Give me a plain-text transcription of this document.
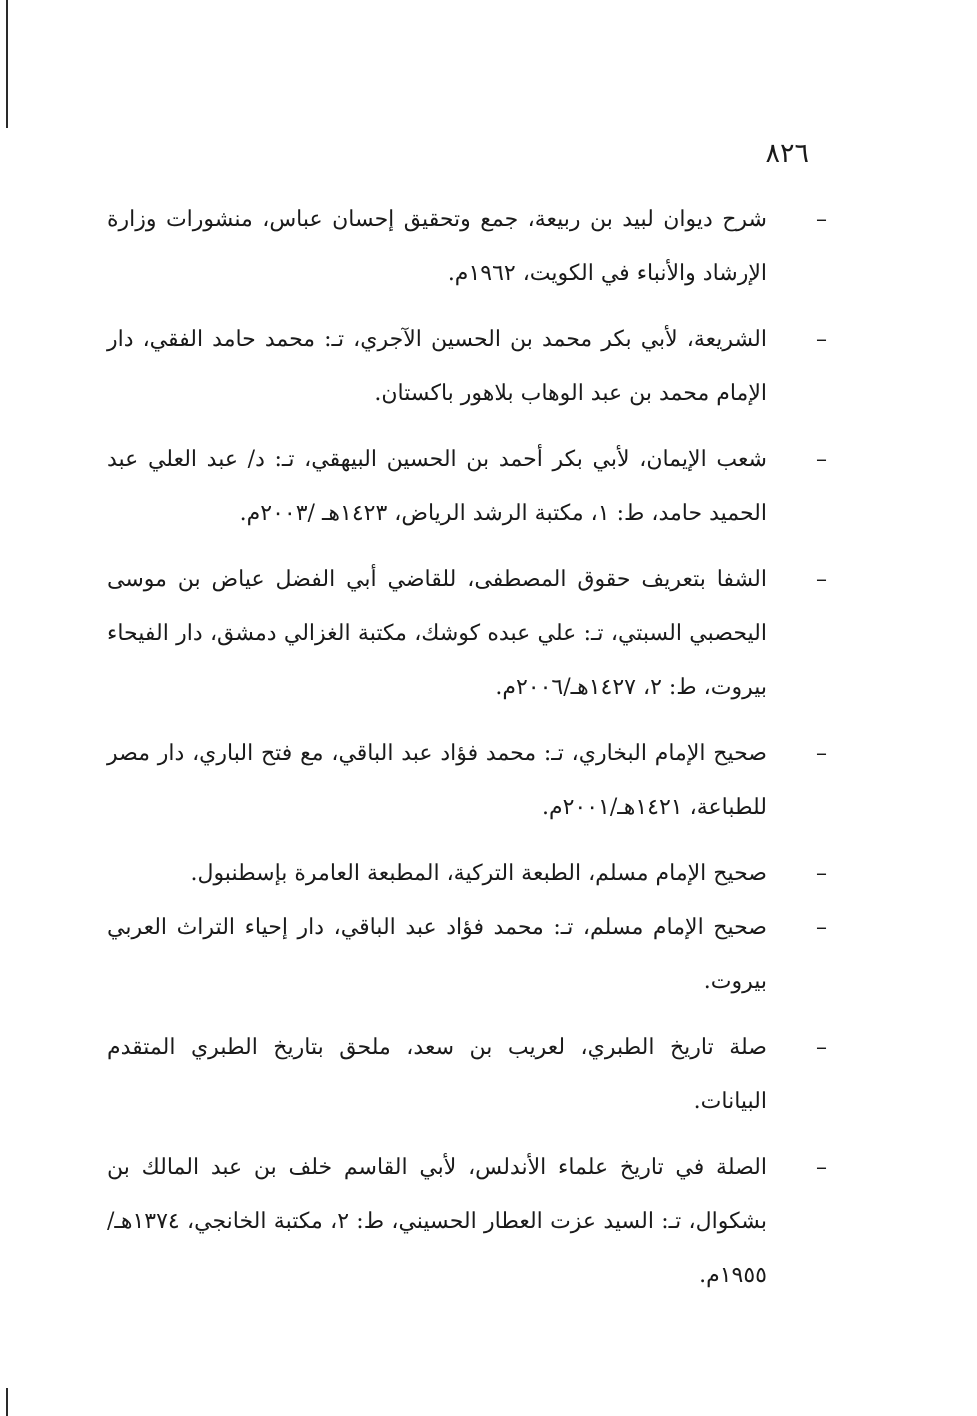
٨٢٦
–
شرح ديوان لبيد بن ربيعة، جمع وتحقيق إحسان عباس، منشورات وزارة الإرشاد والأنباء في الكويت، ١٩٦٢م.
–
الشريعة، لأبي بكر محمد بن الحسين الآجري، تـ: محمد حامد الفقي، دار الإمام محمد بن عبد الوهاب بلاهور باكستان.
–
شعب الإيمان، لأبي بكر أحمد بن الحسين البيهقي، تـ: د/ عبد العلي عبد الحميد حامد، ط: ١، مكتبة الرشد الرياض، ١٤٢٣هـ /٢٠٠٣م.
–
الشفا بتعريف حقوق المصطفى، للقاضي أبي الفضل عياض بن موسى اليحصبي السبتي، تـ: علي عبده كوشك، مكتبة الغزالي دمشق، دار الفيحاء بيروت، ط: ٢، ١٤٢٧هـ/٢٠٠٦م.
–
صحيح الإمام البخاري، تـ: محمد فؤاد عبد الباقي، مع فتح الباري، دار مصر للطباعة، ١٤٢١هـ/٢٠٠١م.
–
صحيح الإمام مسلم، الطبعة التركية، المطبعة العامرة بإسطنبول.
–
صحيح الإمام مسلم، تـ: محمد فؤاد عبد الباقي، دار إحياء التراث العربي بيروت.
–
صلة تاريخ الطبري، لعريب بن سعد، ملحق بتاريخ الطبري المتقدم البيانات.
–
الصلة في تاريخ علماء الأندلس، لأبي القاسم خلف بن عبد المالك بن بشكوال، تـ: السيد عزت العطار الحسيني، ط: ٢، مكتبة الخانجي، ١٣٧٤هـ/١٩٥٥م.
